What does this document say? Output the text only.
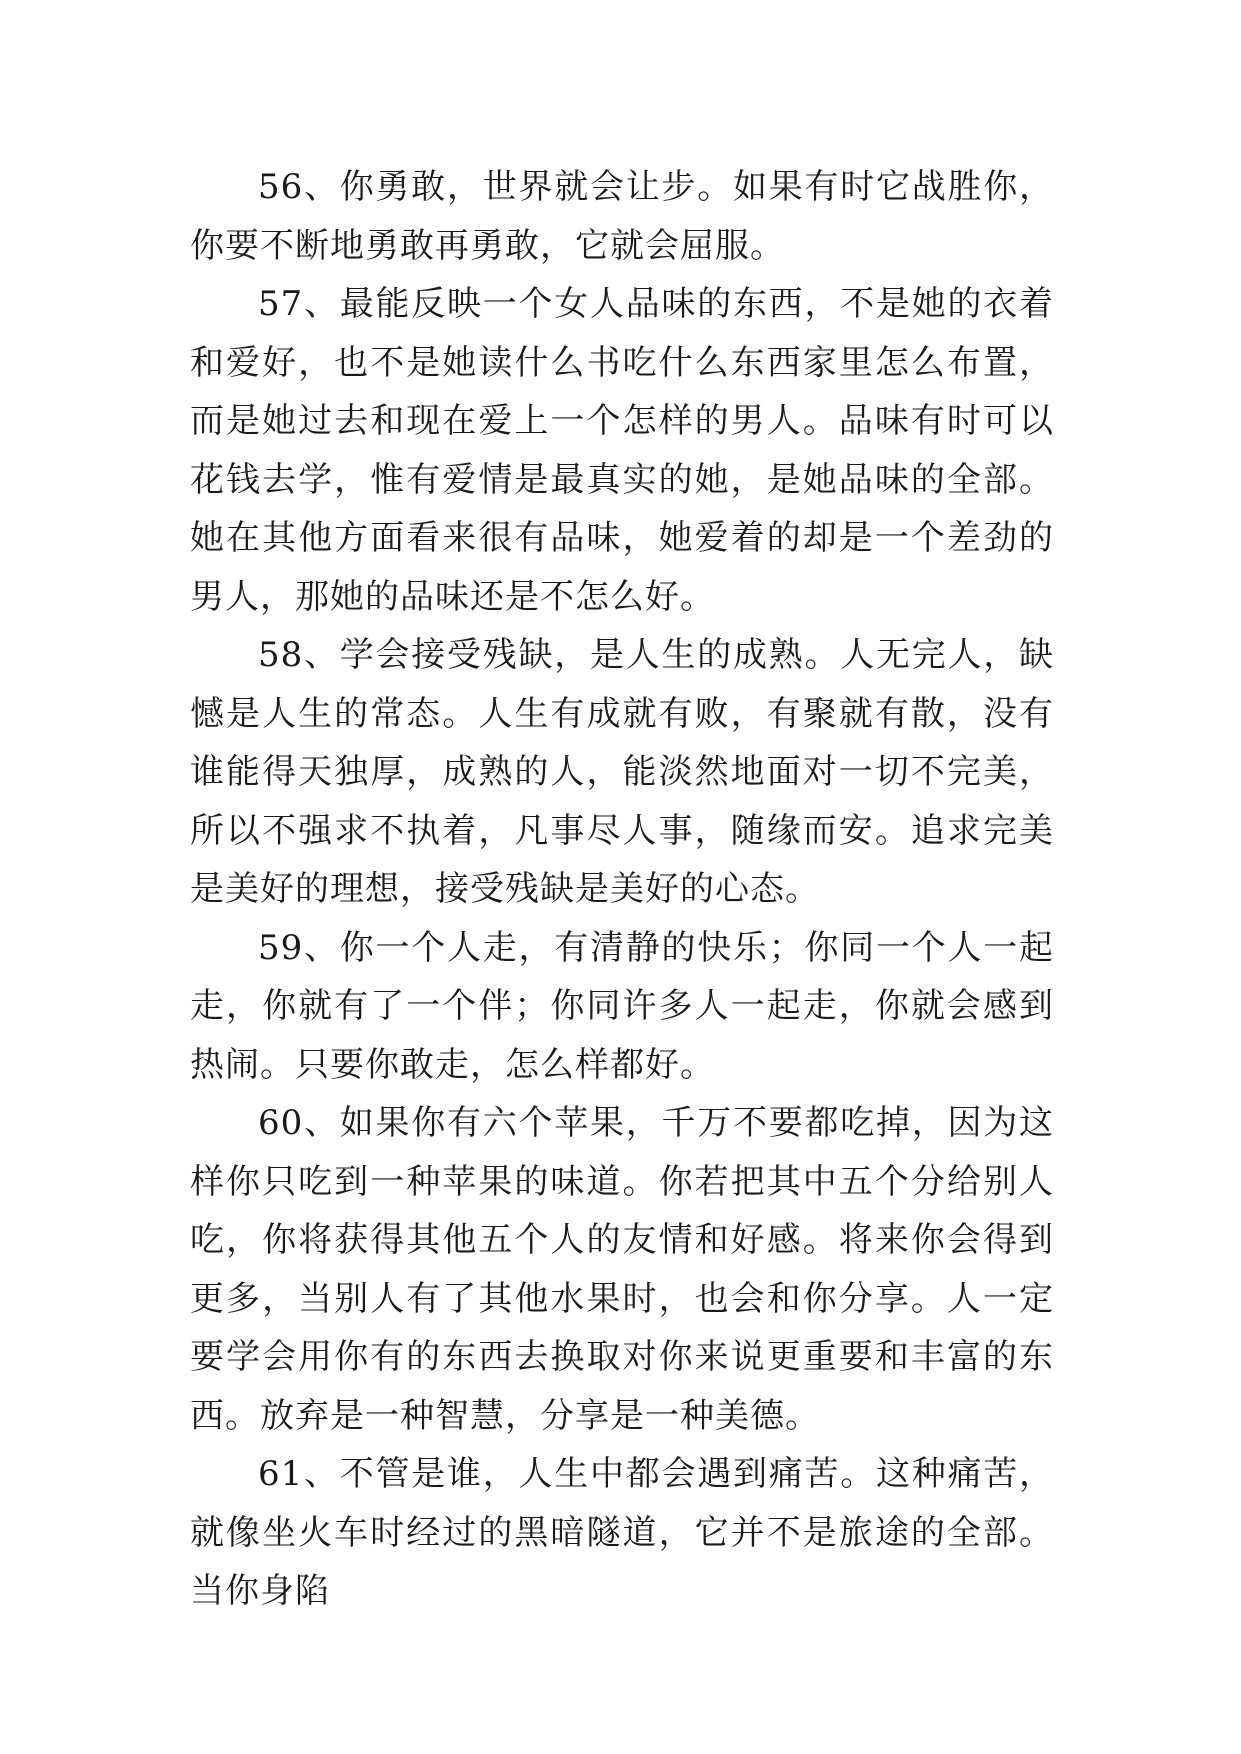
56、你勇敢，世界就会让步。如果有时它战胜你，你要不断地勇敢再勇敢，它就会屈服。

57、最能反映一个女人品味的东西，不是她的衣着和爱好，也不是她读什么书吃什么东西家里怎么布置，而是她过去和现在爱上一个怎样的男人。品味有时可以花钱去学，惟有爱情是最真实的她，是她品味的全部。她在其他方面看来很有品味，她爱着的却是一个差劲的男人，那她的品味还是不怎么好。

58、学会接受残缺，是人生的成熟。人无完人，缺憾是人生的常态。人生有成就有败，有聚就有散，没有谁能得天独厚，成熟的人，能淡然地面对一切不完美，所以不强求不执着，凡事尽人事，随缘而安。追求完美是美好的理想，接受残缺是美好的心态。

59、你一个人走，有清静的快乐；你同一个人一起走，你就有了一个伴；你同许多人一起走，你就会感到热闹。只要你敢走，怎么样都好。

60、如果你有六个苹果，千万不要都吃掉，因为这样你只吃到一种苹果的味道。你若把其中五个分给别人吃，你将获得其他五个人的友情和好感。将来你会得到更多，当别人有了其他水果时，也会和你分享。人一定要学会用你有的东西去换取对你来说更重要和丰富的东西。放弃是一种智慧，分享是一种美德。

61、不管是谁，人生中都会遇到痛苦。这种痛苦，就像坐火车时经过的黑暗隧道，它并不是旅途的全部。当你身陷
